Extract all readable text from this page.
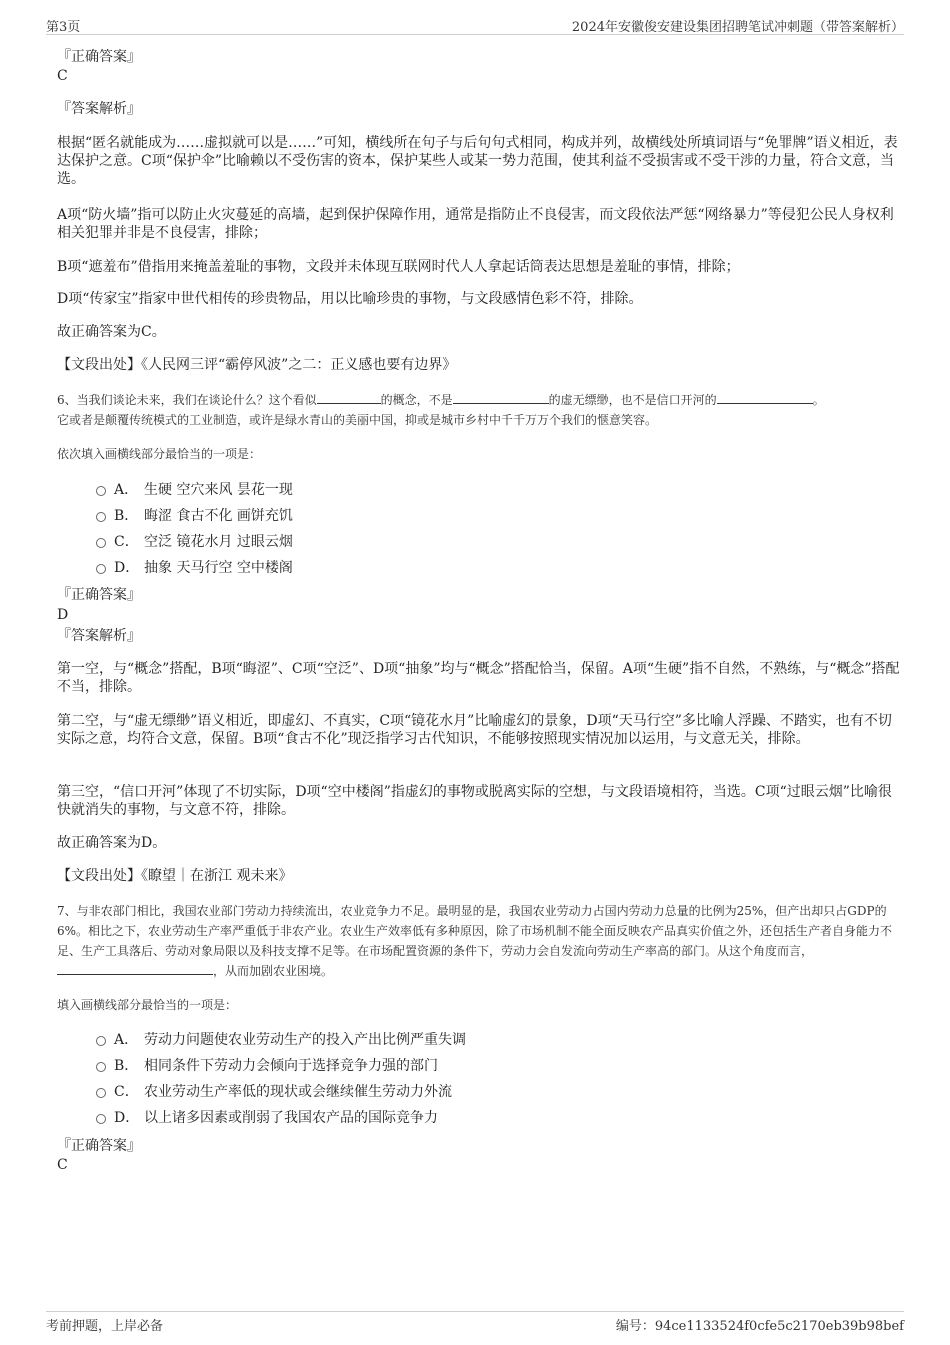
第3页	2024年安徽俊安建设集团招聘笔试冲刺题（带答案解析）
『正确答案』
C
『答案解析』
根据“匿名就能成为……虚拟就可以是……”可知，横线所在句子与后句句式相同，构成并列，故横线处所填词语与“免罪牌”语义相近，表达保护之意。C项“保护伞”比喻赖以不受伤害的资本，保护某些人或某一势力范围，使其利益不受损害或不受干涉的力量，符合文意，当选。
A项“防火墙”指可以防止火灾蔓延的高墙，起到保护保障作用，通常是指防止不良侵害，而文段依法严惩“网络暴力”等侵犯公民人身权利相关犯罪并非是不良侵害，排除；
B项“遮羞布”借指用来掩盖羞耻的事物，文段并未体现互联网时代人人拿起话筒表达思想是羞耻的事情，排除；
D项“传家宝”指家中世代相传的珍贵物品，用以比喻珍贵的事物，与文段感情色彩不符，排除。
故正确答案为C。
【文段出处】《人民网三评“霸停风波”之二：正义感也要有边界》
6、当我们谈论未来，我们在谈论什么？这个看似	的概念，不是	的虚无缥缈，也不是信口开河的	。
它或者是颠覆传统模式的工业制造，或许是绿水青山的美丽中国，抑或是城市乡村中千千万万个我们的惬意笑容。
依次填入画横线部分最恰当的一项是：
A． 生硬 空穴来风 昙花一现
B． 晦涩 食古不化 画饼充饥
C． 空泛 镜花水月 过眼云烟
D． 抽象 天马行空 空中楼阁
『正确答案』
D
『答案解析』
第一空，与“概念”搭配，B项“晦涩”、C项“空泛”、D项“抽象”均与“概念”搭配恰当，保留。A项“生硬”指不自然，不熟练，与“概念”搭配不当，排除。
第二空，与“虚无缥缈”语义相近，即虚幻、不真实，C项“镜花水月”比喻虚幻的景象，D项“天马行空”多比喻人浮躁、不踏实，也有不切实际之意，均符合文意，保留。B项“食古不化”现泛指学习古代知识，不能够按照现实情况加以运用，与文意无关，排除。
第三空，“信口开河”体现了不切实际，D项“空中楼阁”指虚幻的事物或脱离实际的空想，与文段语境相符，当选。C项“过眼云烟”比喻很快就消失的事物，与文意不符，排除。
故正确答案为D。
【文段出处】《瞭望｜在浙江 观未来》
7、与非农部门相比，我国农业部门劳动力持续流出，农业竞争力不足。最明显的是，我国农业劳动力占国内劳动力总量的比例为25%，但产出却只占GDP的6%。相比之下，农业劳动生产率严重低于非农产业。农业生产效率低有多种原因，除了市场机制不能全面反映农产品真实价值之外，还包括生产者自身能力不足、生产工具落后、劳动对象局限以及科技支撑不足等。在市场配置资源的条件下，劳动力会自发流向劳动生产率高的部门。从这个角度而言，，从而加剧农业困境。
填入画横线部分最恰当的一项是：
A． 劳动力问题使农业劳动生产的投入产出比例严重失调
B． 相同条件下劳动力会倾向于选择竞争力强的部门
C． 农业劳动生产率低的现状或会继续催生劳动力外流
D． 以上诸多因素或削弱了我国农产品的国际竞争力
『正确答案』
C
考前押题，上岸必备	编号：94ce1133524f0cfe5c2170eb39b98bef
